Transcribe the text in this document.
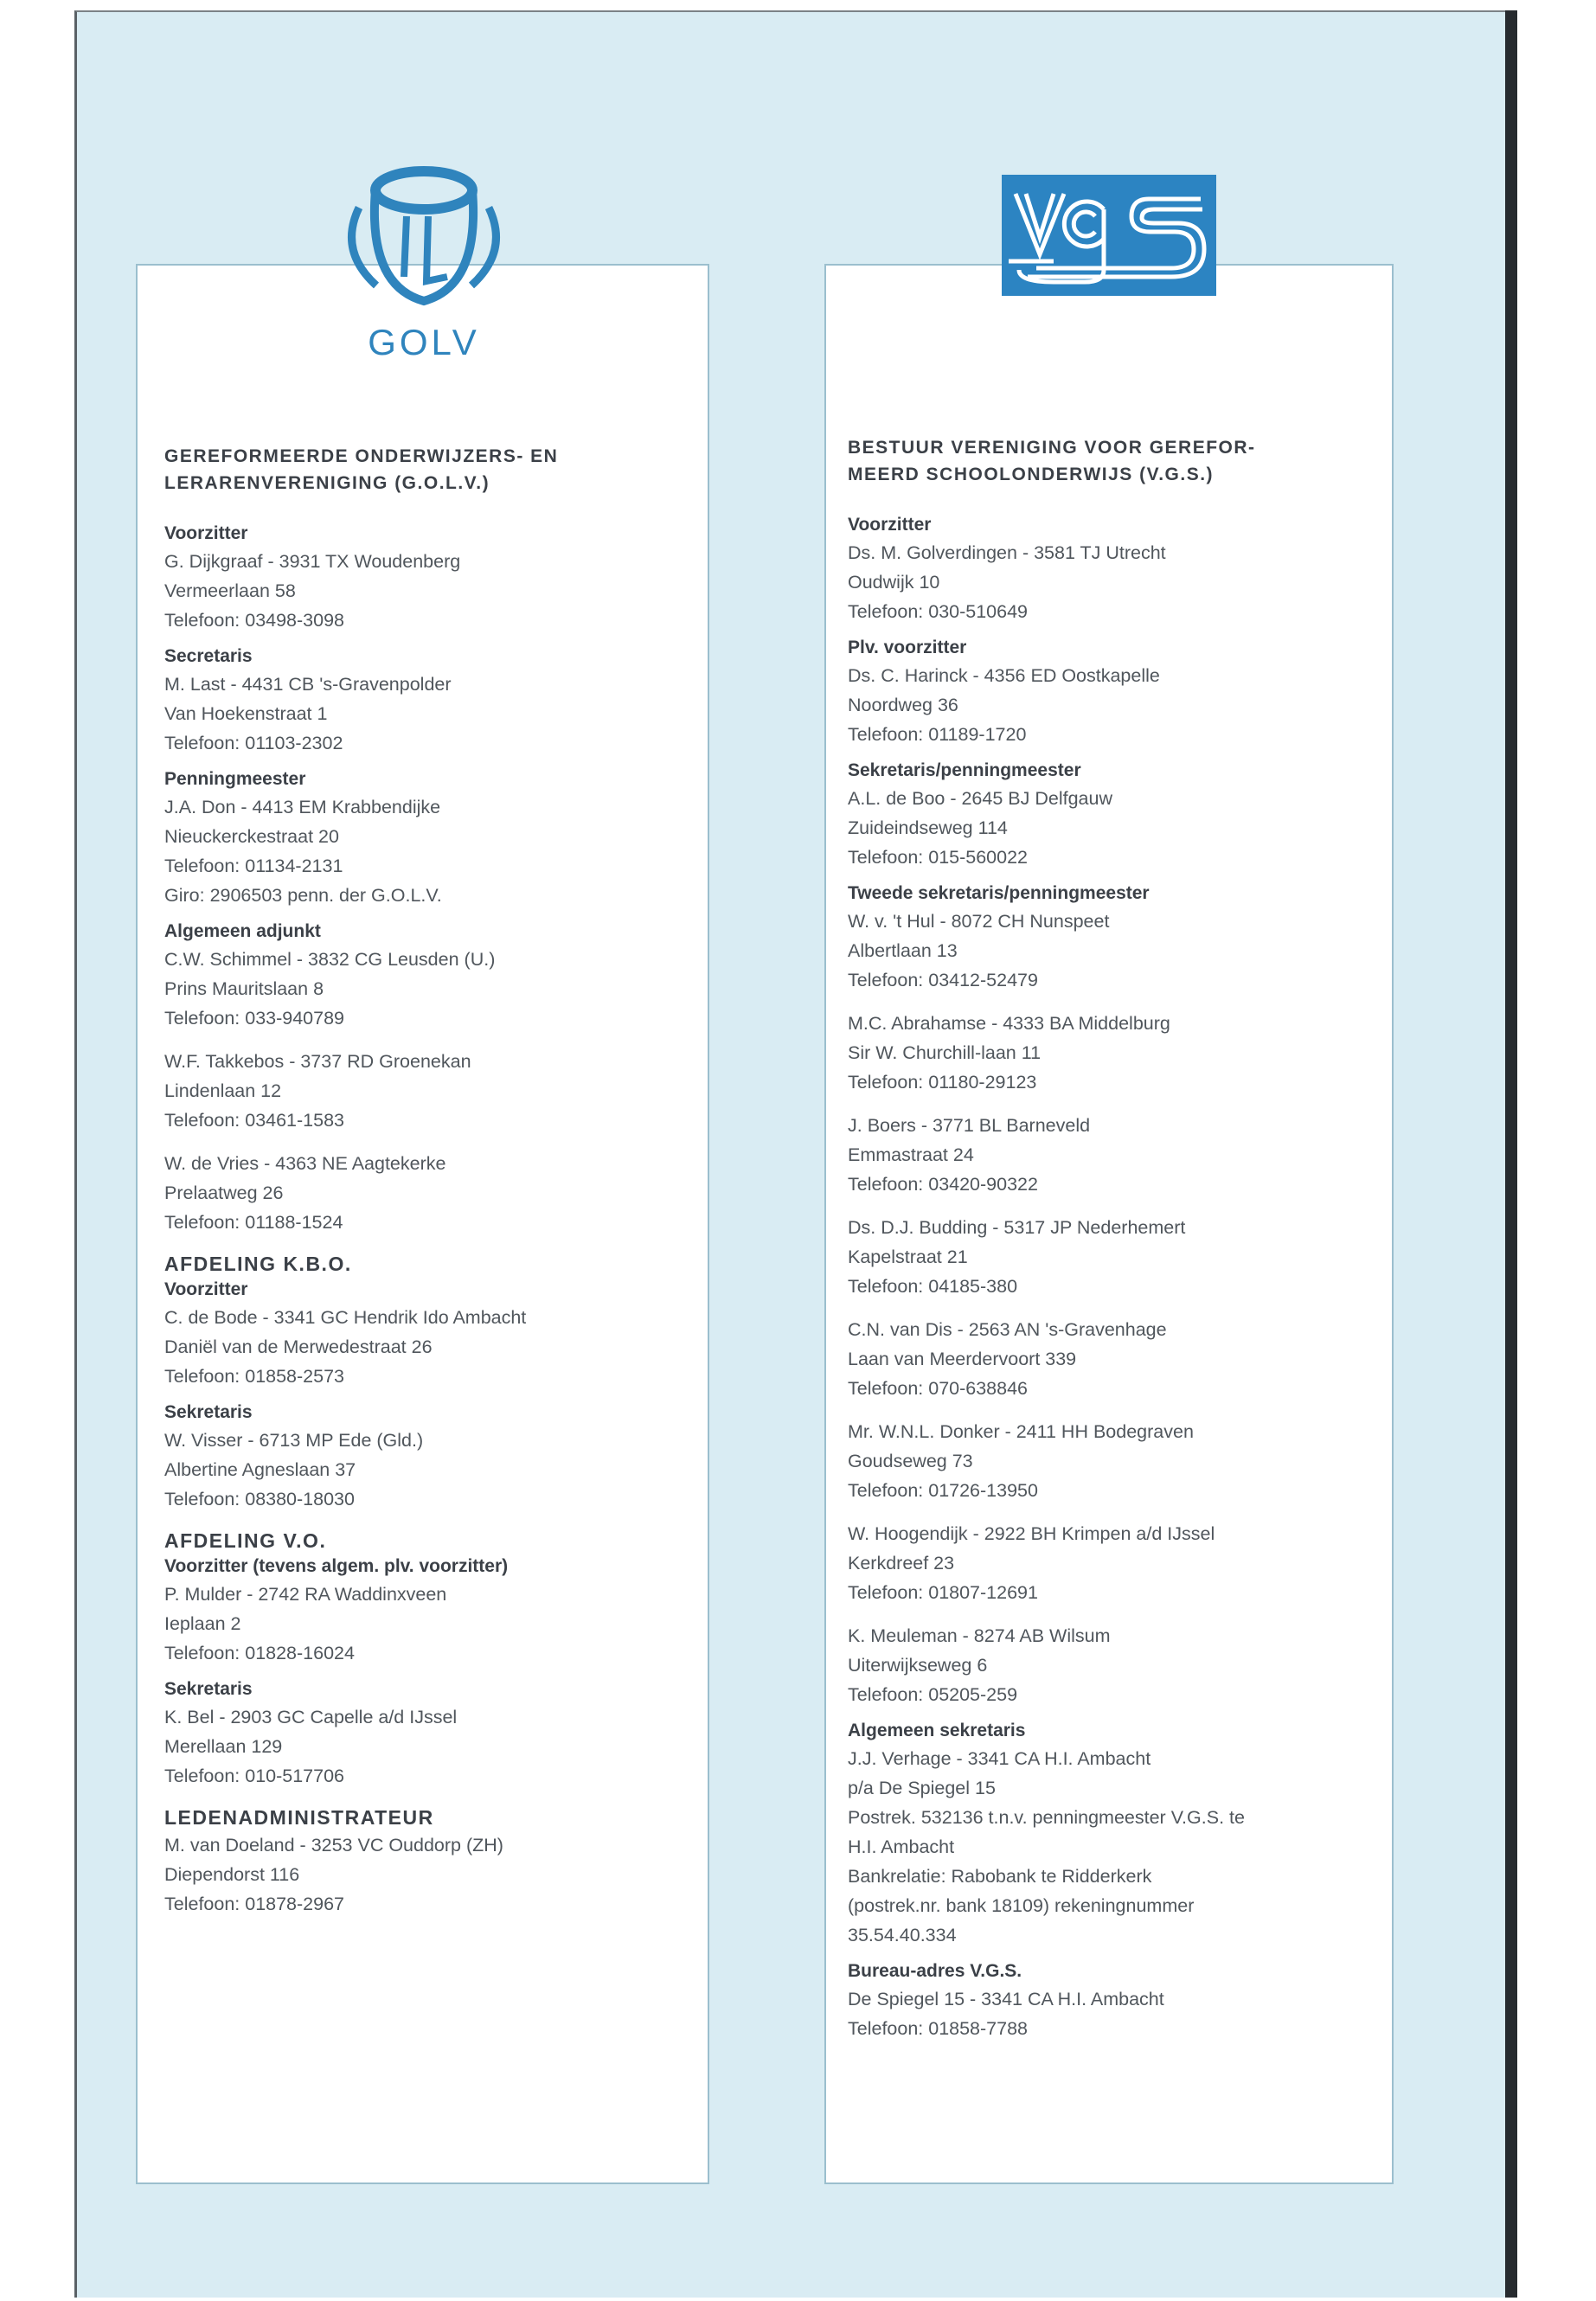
GOLV
GEREFORMEERDE ONDERWIJZERS- EN
LERARENVERENIGING (G.O.L.V.)
Voorzitter
G. Dijkgraaf - 3931 TX Woudenberg
Vermeerlaan 58
Telefoon: 03498-3098
Secretaris
M. Last - 4431 CB 's-Gravenpolder
Van Hoekenstraat 1
Telefoon: 01103-2302
Penningmeester
J.A. Don - 4413 EM Krabbendijke
Nieuckerckestraat 20
Telefoon: 01134-2131
Giro: 2906503 penn. der G.O.L.V.
Algemeen adjunkt
C.W. Schimmel - 3832 CG Leusden (U.)
Prins Mauritslaan 8
Telefoon: 033-940789
W.F. Takkebos - 3737 RD Groenekan
Lindenlaan 12
Telefoon: 03461-1583
W. de Vries - 4363 NE Aagtekerke
Prelaatweg 26
Telefoon: 01188-1524
AFDELING K.B.O.
Voorzitter
C. de Bode - 3341 GC Hendrik Ido Ambacht
Daniël van de Merwedestraat 26
Telefoon: 01858-2573
Sekretaris
W. Visser - 6713 MP Ede (Gld.)
Albertine Agneslaan 37
Telefoon: 08380-18030
AFDELING V.O.
Voorzitter (tevens algem. plv. voorzitter)
P. Mulder - 2742 RA Waddinxveen
Ieplaan 2
Telefoon: 01828-16024
Sekretaris
K. Bel - 2903 GC Capelle a/d IJssel
Merellaan 129
Telefoon: 010-517706
LEDENADMINISTRATEUR
M. van Doeland - 3253 VC Ouddorp (ZH)
Diependorst 116
Telefoon: 01878-2967
BESTUUR VERENIGING VOOR GEREFOR-
MEERD SCHOOLONDERWIJS (V.G.S.)
Voorzitter
Ds. M. Golverdingen - 3581 TJ Utrecht
Oudwijk 10
Telefoon: 030-510649
Plv. voorzitter
Ds. C. Harinck - 4356 ED Oostkapelle
Noordweg 36
Telefoon: 01189-1720
Sekretaris/penningmeester
A.L. de Boo - 2645 BJ Delfgauw
Zuideindseweg 114
Telefoon: 015-560022
Tweede sekretaris/penningmeester
W. v. 't Hul - 8072 CH Nunspeet
Albertlaan 13
Telefoon: 03412-52479
M.C. Abrahamse - 4333 BA Middelburg
Sir W. Churchill-laan 11
Telefoon: 01180-29123
J. Boers - 3771 BL Barneveld
Emmastraat 24
Telefoon: 03420-90322
Ds. D.J. Budding - 5317 JP Nederhemert
Kapelstraat 21
Telefoon: 04185-380
C.N. van Dis - 2563 AN 's-Gravenhage
Laan van Meerdervoort 339
Telefoon: 070-638846
Mr. W.N.L. Donker - 2411 HH Bodegraven
Goudseweg 73
Telefoon: 01726-13950
W. Hoogendijk - 2922 BH Krimpen a/d IJssel
Kerkdreef 23
Telefoon: 01807-12691
K. Meuleman - 8274 AB Wilsum
Uiterwijkseweg 6
Telefoon: 05205-259
Algemeen sekretaris
J.J. Verhage - 3341 CA H.I. Ambacht
p/a De Spiegel 15
Postrek. 532136 t.n.v. penningmeester V.G.S. te
H.I. Ambacht
Bankrelatie: Rabobank te Ridderkerk
(postrek.nr. bank 18109) rekeningnummer
35.54.40.334
Bureau-adres V.G.S.
De Spiegel 15 - 3341 CA H.I. Ambacht
Telefoon: 01858-7788
